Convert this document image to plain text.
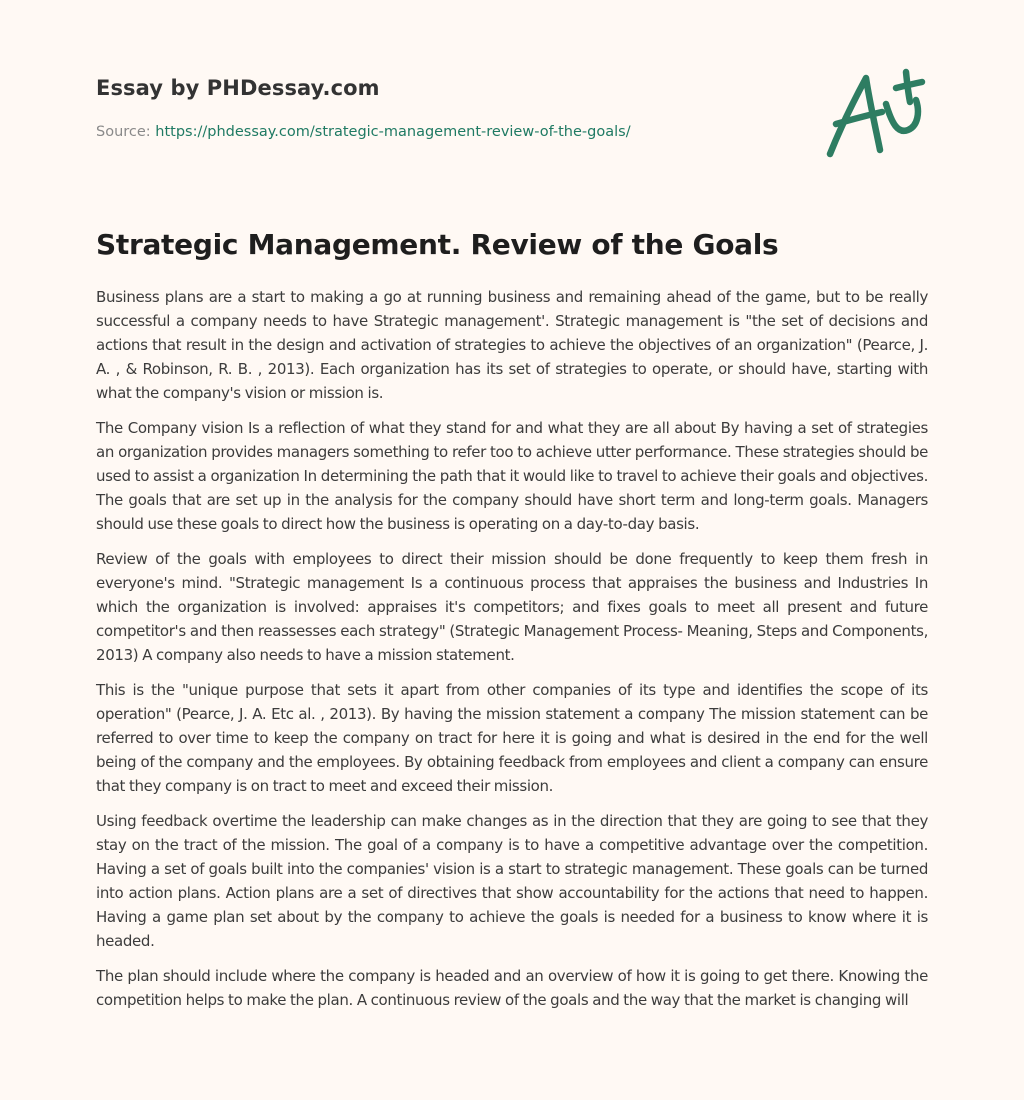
Essay by PHDessay.com
Source: https://phdessay.com/strategic-management-review-of-the-goals/
Strategic Management. Review of the Goals

Business plans are a start to making a go at running business and remaining ahead of the game, but to be really successful a company needs to have Strategic management'. Strategic management is "the set of decisions and actions that result in the design and activation of strategies to achieve the objectives of an organization" (Pearce, J. A. , & Robinson, R. B. , 2013). Each organization has its set of strategies to operate, or should have, starting with what the company's vision or mission is.

The Company vision Is a reflection of what they stand for and what they are all about By having a set of strategies an organization provides managers something to refer too to achieve utter performance. These strategies should be used to assist a organization In determining the path that it would like to travel to achieve their goals and objectives. The goals that are set up in the analysis for the company should have short term and long-term goals. Managers should use these goals to direct how the business is operating on a day-to-day basis.

Review of the goals with employees to direct their mission should be done frequently to keep them fresh in everyone's mind. "Strategic management Is a continuous process that appraises the business and Industries In which the organization is involved: appraises it's competitors; and fixes goals to meet all present and future competitor's and then reassesses each strategy" (Strategic Management Process- Meaning, Steps and Components, 2013) A company also needs to have a mission statement.

This is the "unique purpose that sets it apart from other companies of its type and identifies the scope of its operation" (Pearce, J. A. Etc al. , 2013). By having the mission statement a company The mission statement can be referred to over time to keep the company on tract for here it is going and what is desired in the end for the well being of the company and the employees. By obtaining feedback from employees and client a company can ensure that they company is on tract to meet and exceed their mission.

Using feedback overtime the leadership can make changes as in the direction that they are going to see that they stay on the tract of the mission. The goal of a company is to have a competitive advantage over the competition. Having a set of goals built into the companies' vision is a start to strategic management. These goals can be turned into action plans. Action plans are a set of directives that show accountability for the actions that need to happen. Having a game plan set about by the company to achieve the goals is needed for a business to know where it is headed.

The plan should include where the company is headed and an overview of how it is going to get there. Knowing the competition helps to make the plan. A continuous review of the goals and the way that the market is changing will
